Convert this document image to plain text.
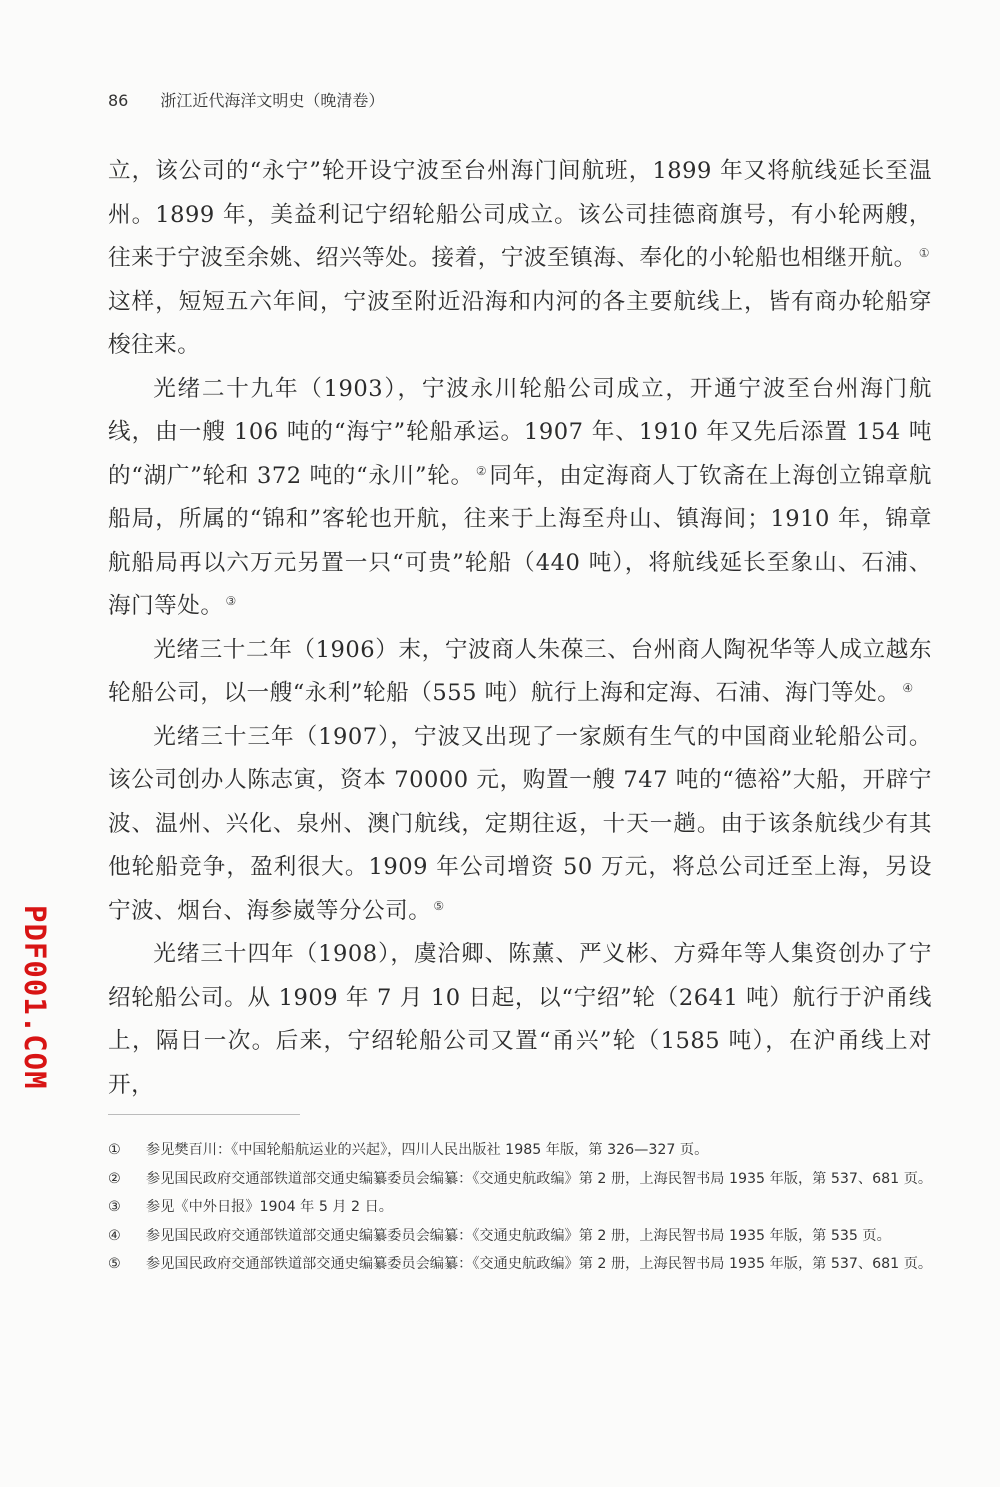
86 浙江近代海洋文明史（晚清卷）

立，该公司的“永宁”轮开设宁波至台州海门间航班，1899 年又将航线延长至温州。1899 年，美益利记宁绍轮船公司成立。该公司挂德商旗号，有小轮两艘，往来于宁波至余姚、绍兴等处。接着，宁波至镇海、奉化的小轮船也相继开航。 ①这样，短短五六年间，宁波至附近沿海和内河的各主要航线上，皆有商办轮船穿梭往来。

光绪二十九年（1903），宁波永川轮船公司成立，开通宁波至台州海门航线，由一艘 106 吨的“海宁”轮船承运。1907 年、1910 年又先后添置 154 吨的“湖广”轮和 372 吨的“永川”轮。 ②同年，由定海商人丁钦斋在上海创立锦章航船局，所属的“锦和”客轮也开航，往来于上海至舟山、镇海间；1910 年，锦章航船局再以六万元另置一只“可贵”轮船（440 吨），将航线延长至象山、石浦、海门等处。 ③

光绪三十二年（1906）末，宁波商人朱葆三、台州商人陶祝华等人成立越东轮船公司，以一艘“永利”轮船（555 吨）航行上海和定海、石浦、海门等处。 ④

光绪三十三年（1907），宁波又出现了一家颇有生气的中国商业轮船公司。该公司创办人陈志寅，资本 70000 元，购置一艘 747 吨的“德裕”大船，开辟宁波、温州、兴化、泉州、澳门航线，定期往返，十天一趟。由于该条航线少有其他轮船竞争，盈利很大。1909 年公司增资 50 万元，将总公司迁至上海，另设宁波、烟台、海参崴等分公司。 ⑤

光绪三十四年（1908），虞洽卿、陈薰、严义彬、方舜年等人集资创办了宁绍轮船公司。从 1909 年 7 月 10 日起，以“宁绍”轮（2641 吨）航行于沪甬线上，隔日一次。后来，宁绍轮船公司又置“甬兴”轮（1585 吨），在沪甬线上对开，

①	参见樊百川：《中国轮船航运业的兴起》，四川人民出版社 1985 年版，第 326—327 页。

②	参见国民政府交通部铁道部交通史编纂委员会编纂：《交通史航政编》第 2 册，上海民智书局 1935 年版，第 537、681 页。

③	参见《中外日报》1904 年 5 月 2 日。

④	参见国民政府交通部铁道部交通史编纂委员会编纂：《交通史航政编》第 2 册，上海民智书局 1935 年版，第 535 页。

⑤	参见国民政府交通部铁道部交通史编纂委员会编纂：《交通史航政编》第 2 册，上海民智书局 1935 年版，第 537、681 页。

PDF001.COM
